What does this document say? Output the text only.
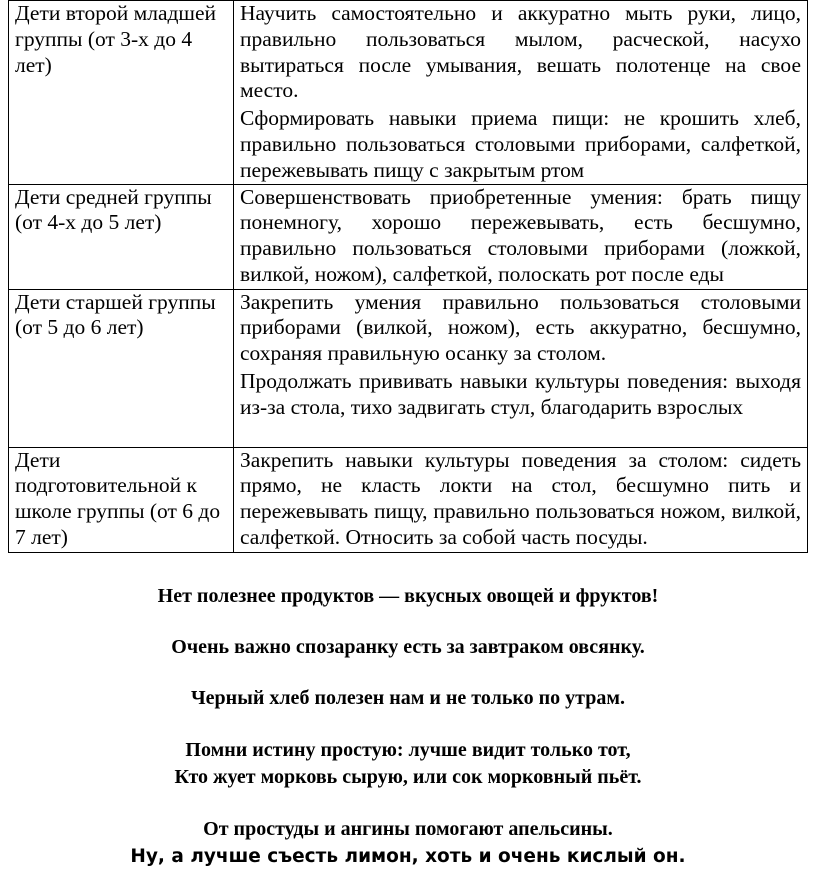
Дети второй младшей группы (от 3-х до 4 лет)	Научить самостоятельно и аккуратно мыть руки, лицо, правильно пользоваться мылом, расческой, насухо вытираться после умывания, вешать полотенце на свое место.

Сформировать навыки приема пищи: не крошить хлеб, правильно пользоваться столовыми приборами, салфеткой, пережевывать пищу с закрытым ртом

Дети средней группы (от 4-х до 5 лет)	Совершенствовать приобретенные умения: брать пищу понемногу, хорошо пережевывать, есть бесшумно, правильно пользоваться столовыми приборами (ложкой, вилкой, ножом), салфеткой, полоскать рот после еды

Дети старшей группы (от 5 до 6 лет)	Закрепить умения правильно пользоваться столовыми приборами (вилкой, ножом), есть аккуратно, бесшумно, сохраняя правильную осанку за столом.

Продолжать прививать навыки культуры поведения: выходя из-за стола, тихо задвигать стул, благодарить взрослых

Дети подготовительной к школе группы (от 6 до 7 лет)	Закрепить навыки культуры поведения за столом: сидеть прямо, не класть локти на стол, бесшумно пить и пережевывать пищу, правильно пользоваться ножом, вилкой, салфеткой. Относить за собой часть посуды.

Нет полезнее продуктов — вкусных овощей и фруктов!

Очень важно спозаранку есть за завтраком овсянку.

Черный хлеб полезен нам и не только по утрам.

Помни истину простую: лучше видит только тот,

Кто жует морковь сырую, или сок морковный пьёт.

От простуды и ангины помогают апельсины.

Ну, а лучше съесть лимон, хоть и очень кислый он.
